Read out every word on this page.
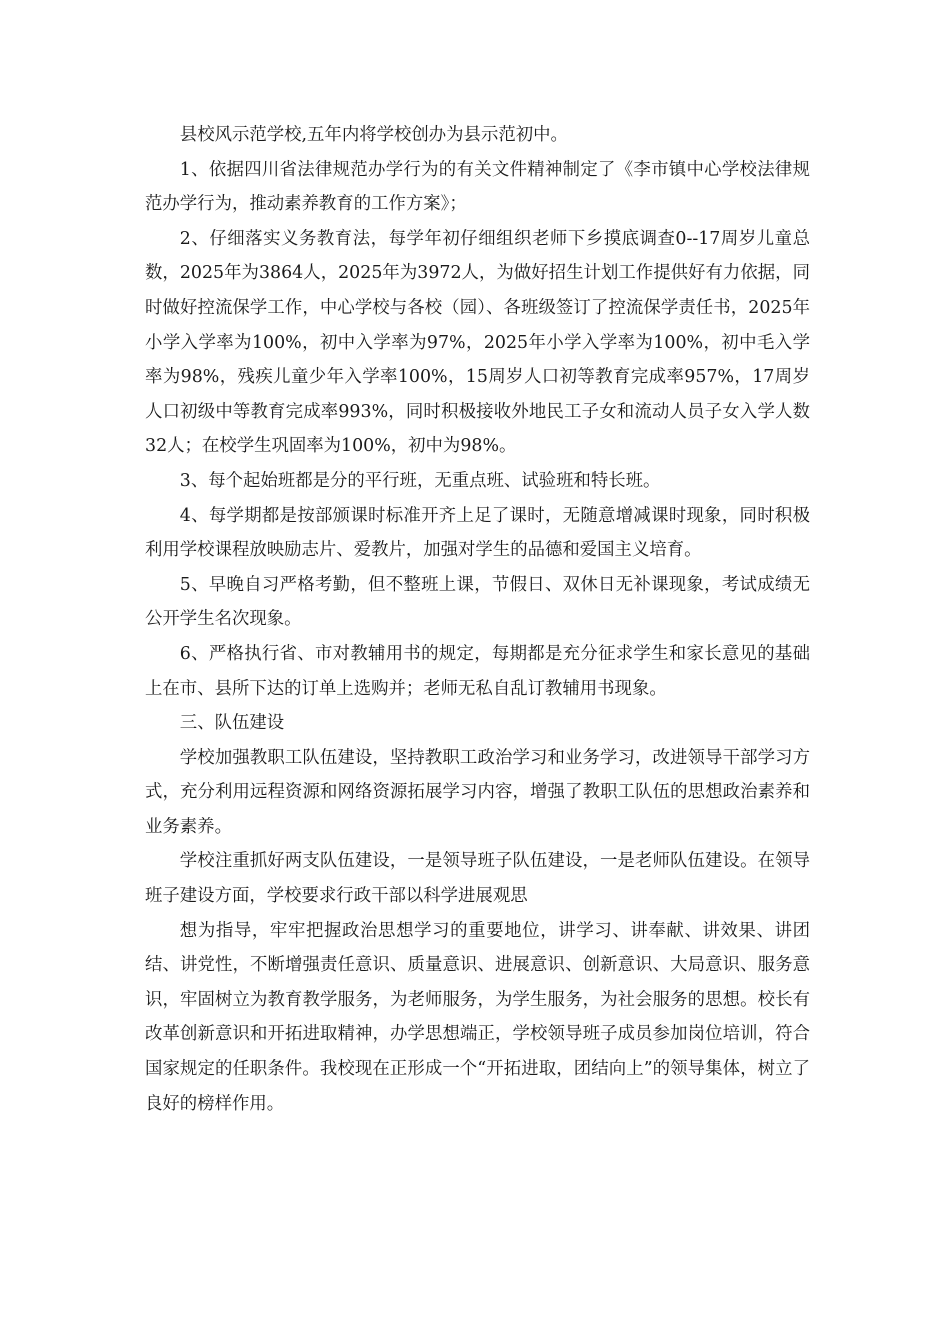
县校风示范学校,五年内将学校创办为县示范初中。

1、依据四川省法律规范办学行为的有关文件精神制定了《李市镇中心学校法律规范办学行为，推动素养教育的工作方案》；

2、仔细落实义务教育法，每学年初仔细组织老师下乡摸底调查0--17周岁儿童总数，2025年为3864人，2025年为3972人，为做好招生计划工作提供好有力依据，同时做好控流保学工作，中心学校与各校（园）、各班级签订了控流保学责任书，2025年小学入学率为100%，初中入学率为97%，2025年小学入学率为100%，初中毛入学率为98%，残疾儿童少年入学率100%，15周岁人口初等教育完成率957%，17周岁人口初级中等教育完成率993%，同时积极接收外地民工子女和流动人员子女入学人数32人；在校学生巩固率为100%，初中为98%。

3、每个起始班都是分的平行班，无重点班、试验班和特长班。

4、每学期都是按部颁课时标准开齐上足了课时，无随意增减课时现象，同时积极利用学校课程放映励志片、爱教片，加强对学生的品德和爱国主义培育。

5、早晚自习严格考勤，但不整班上课，节假日、双休日无补课现象，考试成绩无公开学生名次现象。

6、严格执行省、市对教辅用书的规定，每期都是充分征求学生和家长意见的基础上在市、县所下达的订单上选购并；老师无私自乱订教辅用书现象。

三、队伍建设

学校加强教职工队伍建设，坚持教职工政治学习和业务学习，改进领导干部学习方式，充分利用远程资源和网络资源拓展学习内容，增强了教职工队伍的思想政治素养和业务素养。

学校注重抓好两支队伍建设，一是领导班子队伍建设，一是老师队伍建设。在领导班子建设方面，学校要求行政干部以科学进展观思

想为指导，牢牢把握政治思想学习的重要地位，讲学习、讲奉献、讲效果、讲团结、讲党性，不断增强责任意识、质量意识、进展意识、创新意识、大局意识、服务意识，牢固树立为教育教学服务，为老师服务，为学生服务，为社会服务的思想。校长有改革创新意识和开拓进取精神，办学思想端正，学校领导班子成员参加岗位培训，符合国家规定的任职条件。我校现在正形成一个“开拓进取，团结向上”的领导集体，树立了良好的榜样作用。
